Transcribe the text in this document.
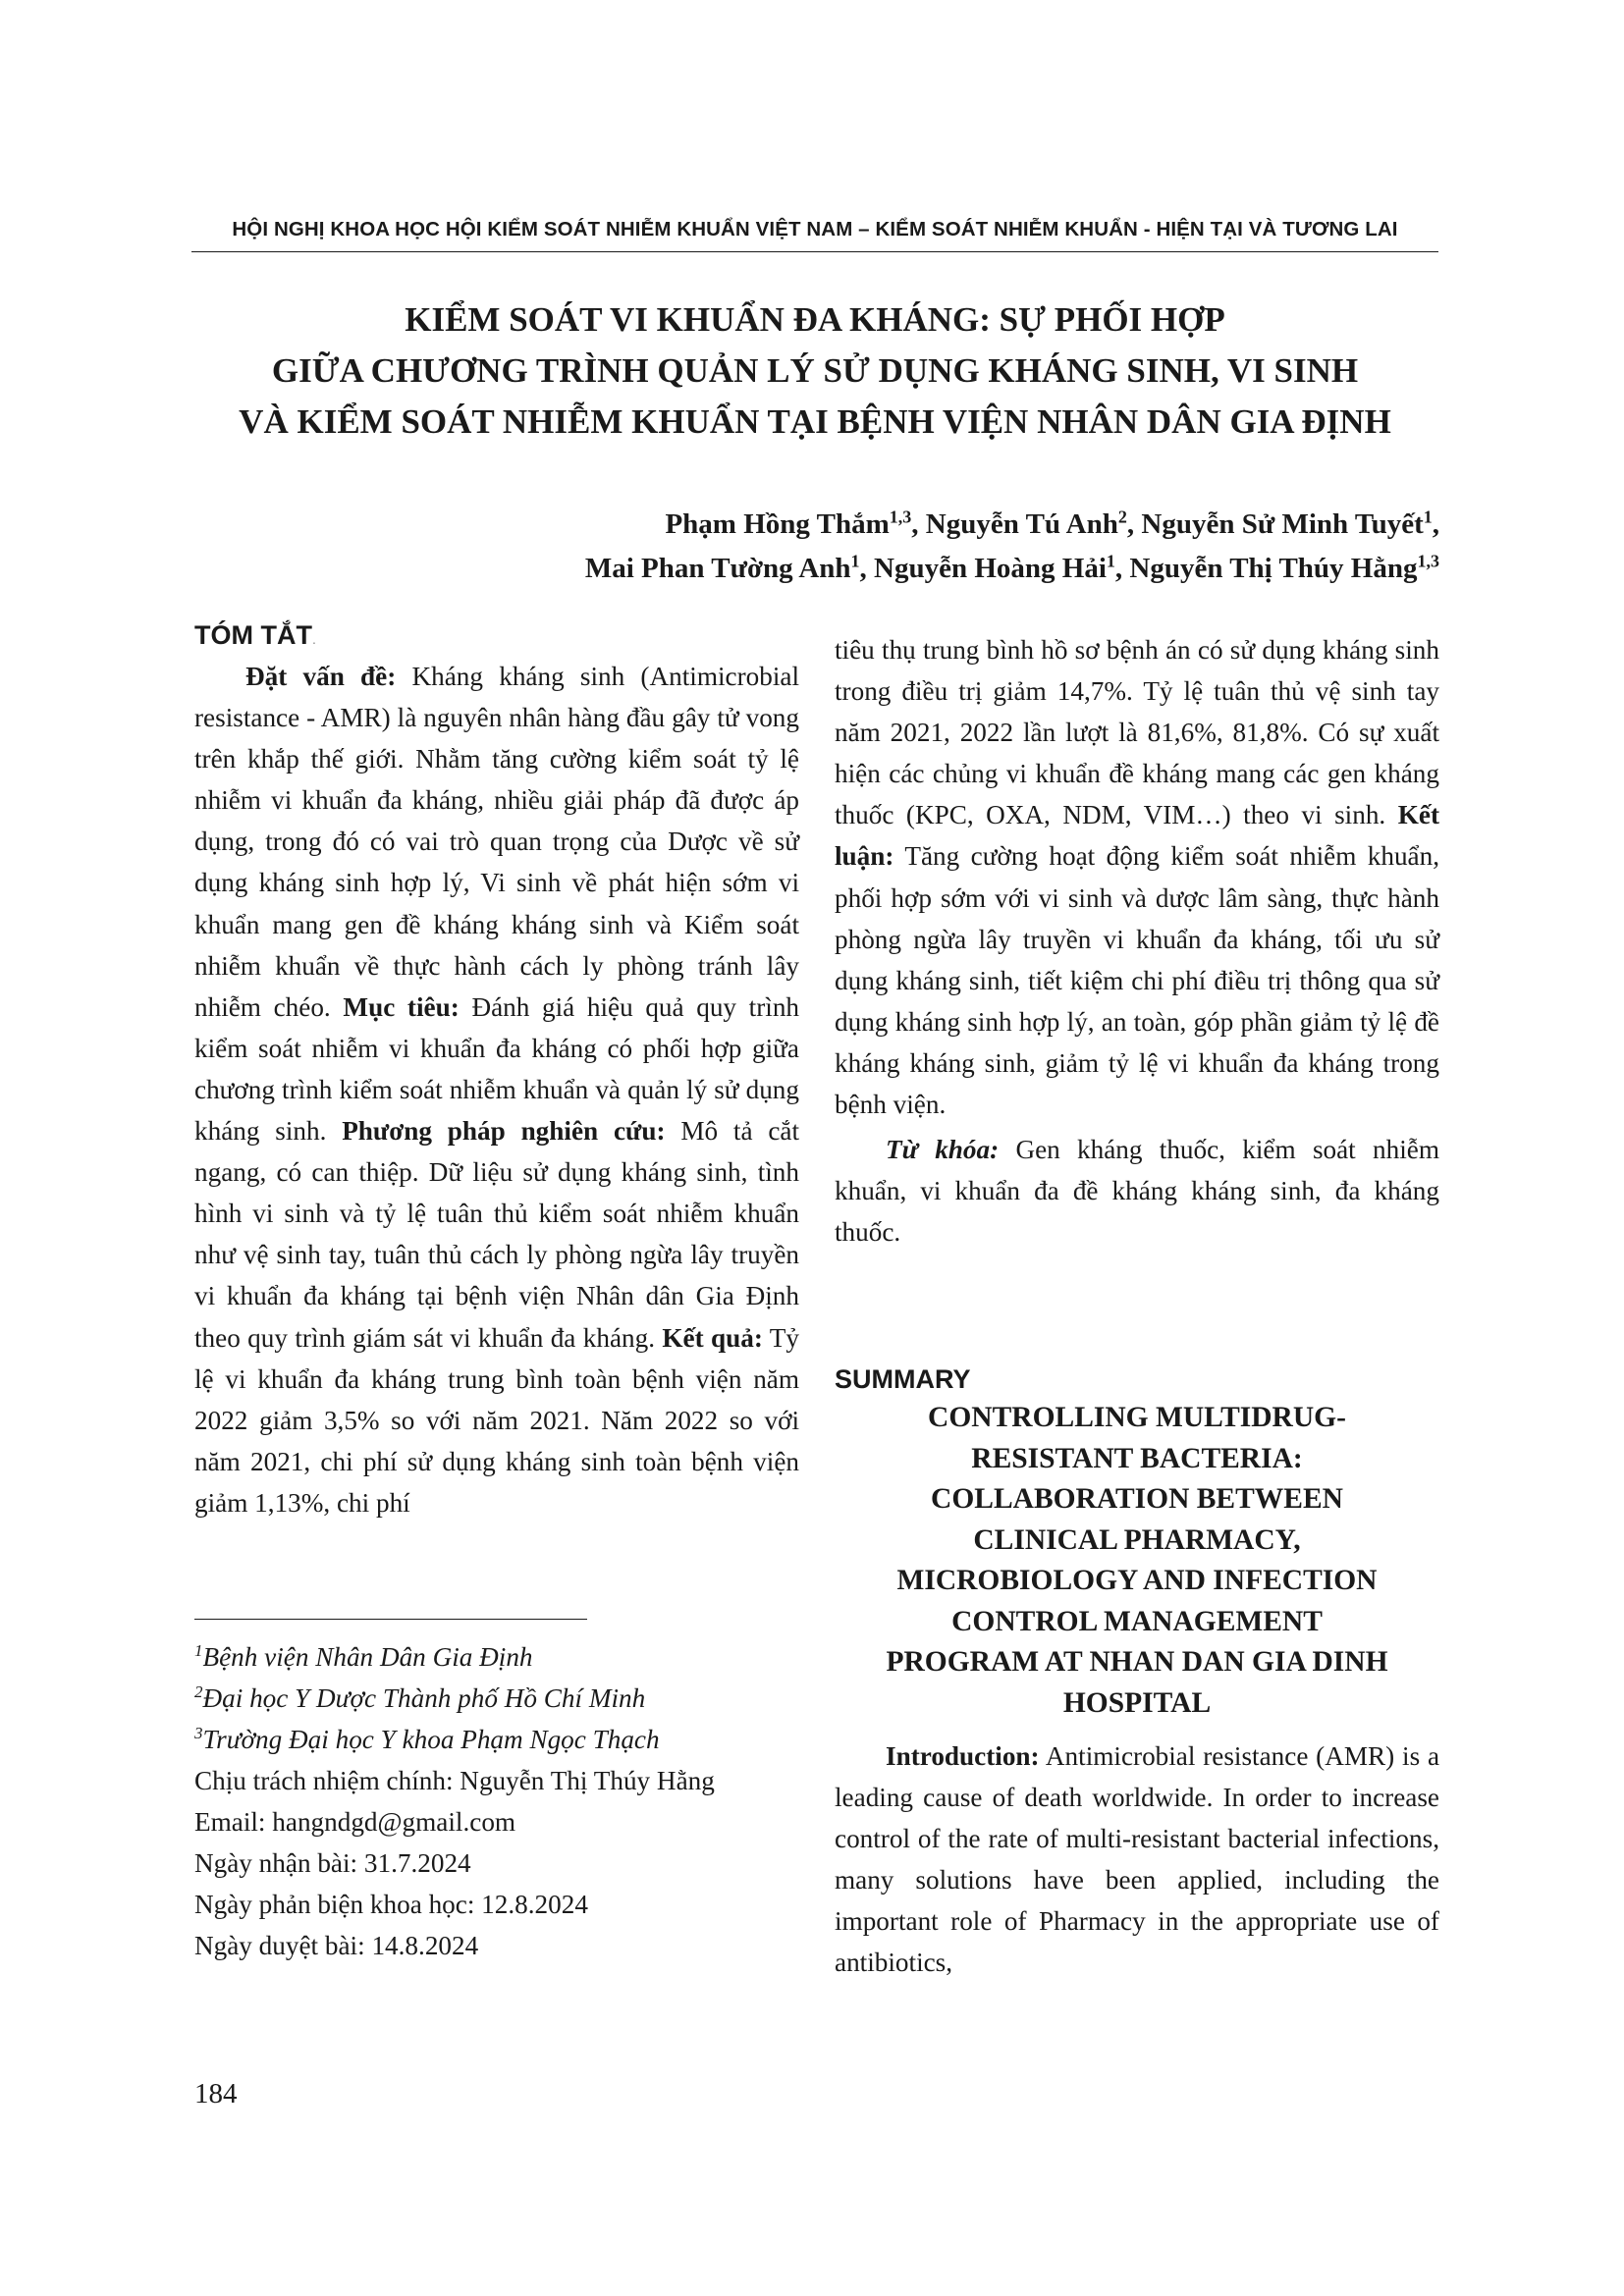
HỘI NGHỊ KHOA HỌC HỘI KIỂM SOÁT NHIỄM KHUẨN VIỆT NAM – KIỂM SOÁT NHIỄM KHUẨN - HIỆN TẠI VÀ TƯƠNG LAI
KIỂM SOÁT VI KHUẨN ĐA KHÁNG: SỰ PHỐI HỢP
GIỮA CHƯƠNG TRÌNH QUẢN LÝ SỬ DỤNG KHÁNG SINH, VI SINH
VÀ KIỂM SOÁT NHIỄM KHUẨN TẠI BỆNH VIỆN NHÂN DÂN GIA ĐỊNH
Phạm Hồng Thắm$^{1,3}$, Nguyễn Tú Anh$^2$, Nguyễn Sử Minh Tuyết$^1$,
Mai Phan Tường Anh$^1$, Nguyễn Hoàng Hải$^1$, Nguyễn Thị Thúy Hằng$^{1,3}$
TÓM TẮT.

Đặt vấn đề: Kháng kháng sinh (Antimicrobial resistance - AMR) là nguyên nhân hàng đầu gây tử vong trên khắp thế giới. Nhằm tăng cường kiểm soát tỷ lệ nhiễm vi khuẩn đa kháng, nhiều giải pháp đã được áp dụng, trong đó có vai trò quan trọng của Dược về sử dụng kháng sinh hợp lý, Vi sinh về phát hiện sớm vi khuẩn mang gen đề kháng kháng sinh và Kiểm soát nhiễm khuẩn về thực hành cách ly phòng tránh lây nhiễm chéo. Mục tiêu: Đánh giá hiệu quả quy trình kiểm soát nhiễm vi khuẩn đa kháng có phối hợp giữa chương trình kiểm soát nhiễm khuẩn và quản lý sử dụng kháng sinh. Phương pháp nghiên cứu: Mô tả cắt ngang, có can thiệp. Dữ liệu sử dụng kháng sinh, tình hình vi sinh và tỷ lệ tuân thủ kiểm soát nhiễm khuẩn như vệ sinh tay, tuân thủ cách ly phòng ngừa lây truyền vi khuẩn đa kháng tại bệnh viện Nhân dân Gia Định theo quy trình giám sát vi khuẩn đa kháng. Kết quả: Tỷ lệ vi khuẩn đa kháng trung bình toàn bệnh viện năm 2022 giảm 3,5% so với năm 2021. Năm 2022 so với năm 2021, chi phí sử dụng kháng sinh toàn bệnh viện giảm 1,13%, chi phí

tiêu thụ trung bình hồ sơ bệnh án có sử dụng kháng sinh trong điều trị giảm 14,7%. Tỷ lệ tuân thủ vệ sinh tay năm 2021, 2022 lần lượt là 81,6%, 81,8%. Có sự xuất hiện các chủng vi khuẩn đề kháng mang các gen kháng thuốc (KPC, OXA, NDM, VIM…) theo vi sinh. Kết luận: Tăng cường hoạt động kiểm soát nhiễm khuẩn, phối hợp sớm với vi sinh và dược lâm sàng, thực hành phòng ngừa lây truyền vi khuẩn đa kháng, tối ưu sử dụng kháng sinh, tiết kiệm chi phí điều trị thông qua sử dụng kháng sinh hợp lý, an toàn, góp phần giảm tỷ lệ đề kháng kháng sinh, giảm tỷ lệ vi khuẩn đa kháng trong bệnh viện.

Từ khóa: Gen kháng thuốc, kiểm soát nhiễm khuẩn, vi khuẩn đa đề kháng kháng sinh, đa kháng thuốc.

SUMMARY
CONTROLLING MULTIDRUG-
RESISTANT BACTERIA:
COLLABORATION BETWEEN
CLINICAL PHARMACY,
MICROBIOLOGY AND INFECTION
CONTROL MANAGEMENT
PROGRAM AT NHAN DAN GIA DINH
HOSPITAL

Introduction: Antimicrobial resistance (AMR) is a leading cause of death worldwide. In order to increase control of the rate of multi-resistant bacterial infections, many solutions have been applied, including the important role of Pharmacy in the appropriate use of antibiotics,

$^1$Bệnh viện Nhân Dân Gia Định
$^2$Đại học Y Dược Thành phố Hồ Chí Minh
$^3$Trường Đại học Y khoa Phạm Ngọc Thạch
Chịu trách nhiệm chính: Nguyễn Thị Thúy Hằng
Email: hangndgd@gmail.com
Ngày nhận bài: 31.7.2024
Ngày phản biện khoa học: 12.8.2024
Ngày duyệt bài: 14.8.2024
184
